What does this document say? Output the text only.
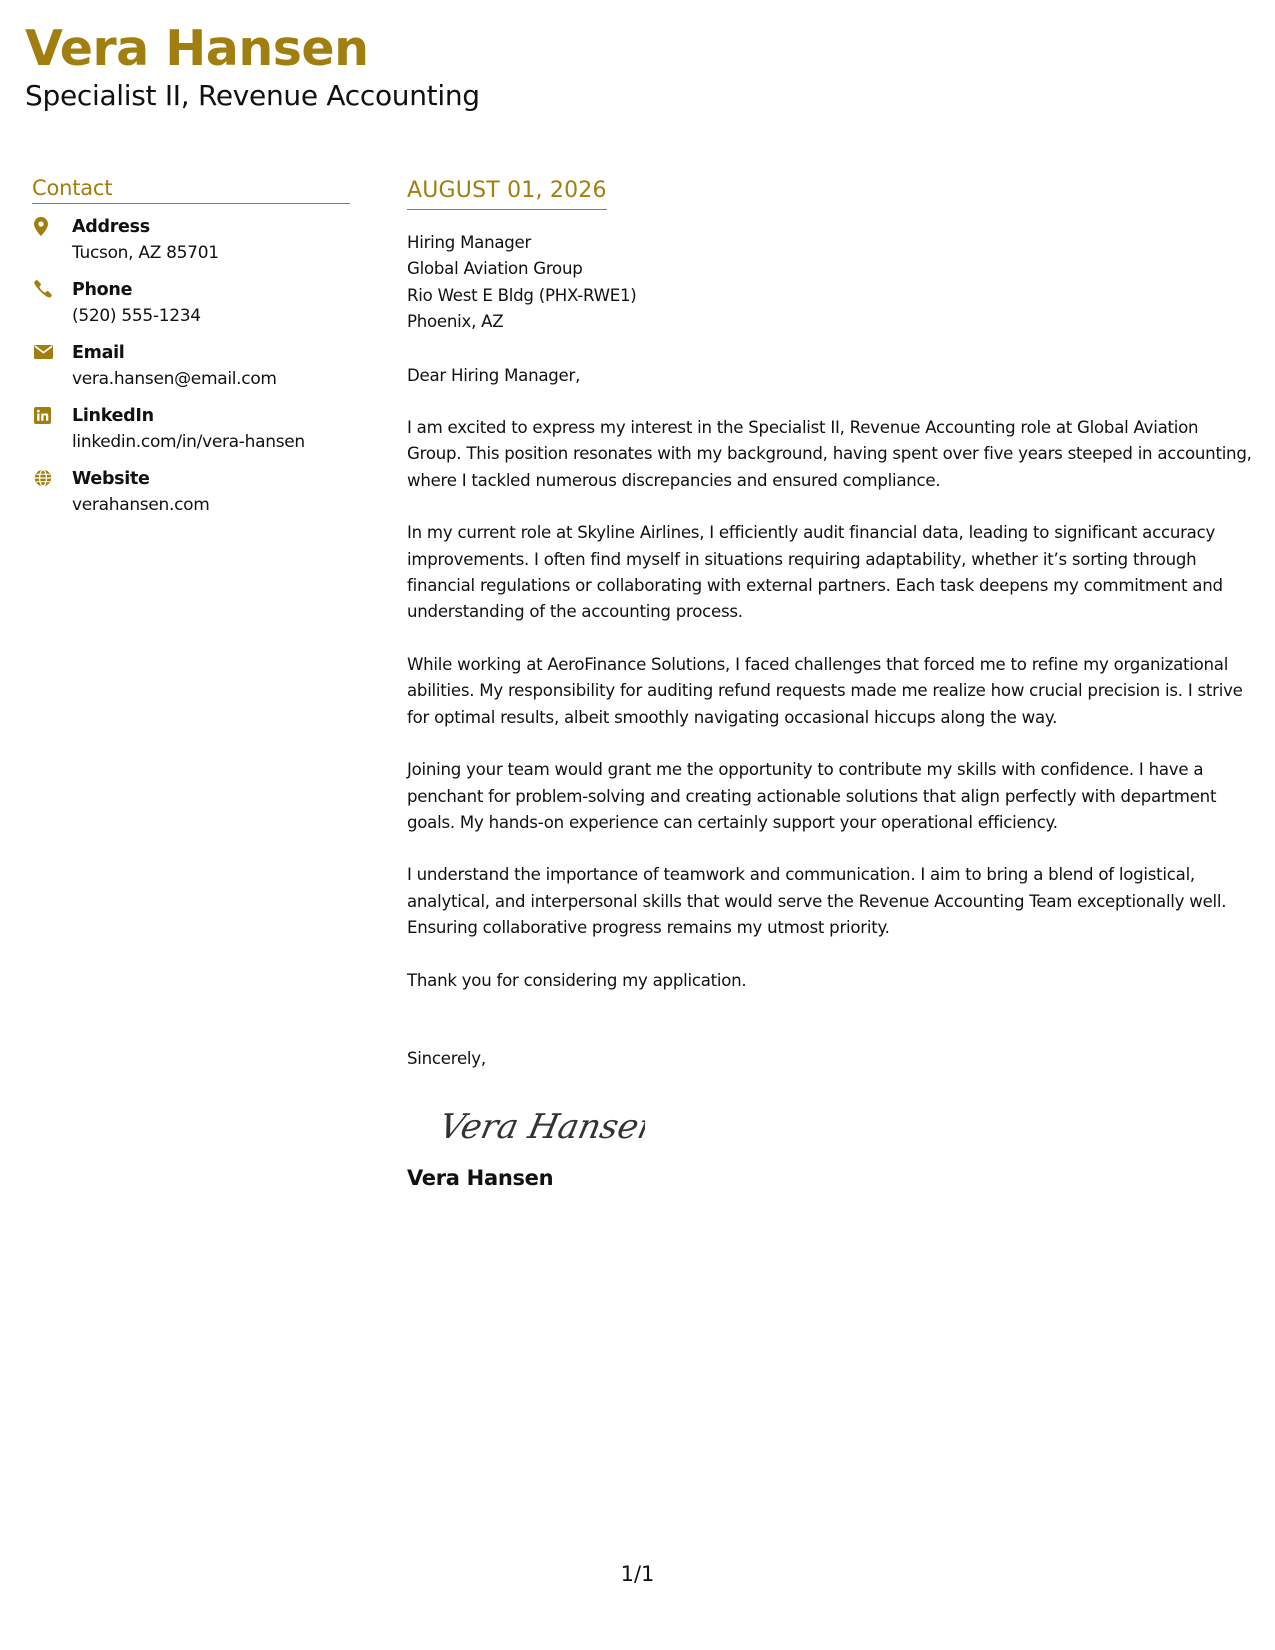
Vera Hansen
Specialist II, Revenue Accounting
Contact
Address
Tucson, AZ 85701
Phone
(520) 555-1234
Email
vera.hansen@email.com
LinkedIn
linkedin.com/in/vera-hansen
Website
verahansen.com
AUGUST 01, 2026
Hiring Manager
Global Aviation Group
Rio West E Bldg (PHX-RWE1)
Phoenix, AZ

Dear Hiring Manager,

I am excited to express my interest in the Specialist II, Revenue Accounting role at Global Aviation Group. This position resonates with my background, having spent over five years steeped in accounting, where I tackled numerous discrepancies and ensured compliance.

In my current role at Skyline Airlines, I efficiently audit financial data, leading to significant accuracy improvements. I often find myself in situations requiring adaptability, whether it’s sorting through financial regulations or collaborating with external partners. Each task deepens my commitment and understanding of the accounting process.

While working at AeroFinance Solutions, I faced challenges that forced me to refine my organizational abilities. My responsibility for auditing refund requests made me realize how crucial precision is. I strive for optimal results, albeit smoothly navigating occasional hiccups along the way.

Joining your team would grant me the opportunity to contribute my skills with confidence. I have a penchant for problem-solving and creating actionable solutions that align perfectly with department goals. My hands-on experience can certainly support your operational efficiency.

I understand the importance of teamwork and communication. I aim to bring a blend of logistical, analytical, and interpersonal skills that would serve the Revenue Accounting Team exceptionally well. Ensuring collaborative progress remains my utmost priority.

Thank you for considering my application.

Sincerely,

Vera Hansen
Vera Hansen
1/1
